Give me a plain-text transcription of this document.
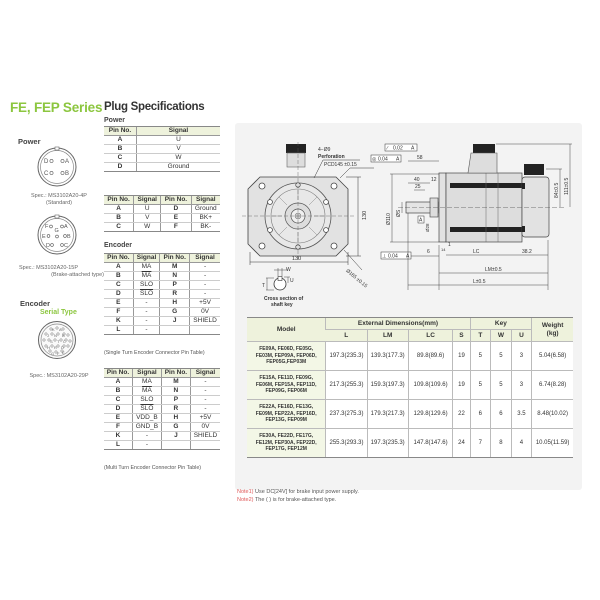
FE, FEP Series Plug Specifications
Power
D	A
C	B
Spec.: MS3102A20-4P
(Standard)
F
G
A
E	B
D	C
Spec.: MS3102A20-15P
(Brake-attached type)
Encoder
Serial Type
K A
J N B
S T C
H R D
G F E
Spec.: MS3102A20-29P
Power
Pin No.	Signal
A	U
B	V
C	W
D	Ground
Pin No.	Signal	Pin No.	Signal
A	U	D	Ground
B	V	E	BK+
C	W	F	BK-
Encoder
Pin No.	Signal	Pin No.	Signal
A	MA	M	-
B	$\overline{MA}$	N	-
C	SLO	P	-
D	$\overline{SLO}$	R	-
E	-	H	+5V
F	-	G	0V
K	-	J	SHIELD
L	-		
(Single Turn Encoder Connector Pin Table)
Pin No.	Signal	Pin No.	Signal
A	MA	M	-
B	$\overline{MA}$	N	-
C	SLO	P	-
D	$\overline{SLO}$	R	-
E	VDD_B	H	+5V
F	GND_B	G	0V
K	-	J	SHIELD
L	-		
(Multi Turn Encoder Connector Pin Table)
130
130
Ø165 ±0.15
4−Ø9
Perforation
PCD145 ±0.15
W
U
T
Cross section of
shaft key
∕ 0.02 A
◎ 0.04 A
⊥ 0.04 A
A
58
40
25
12
1
6	14	LC	38.2
LM±0.5
L±0.5
Ø110 ØS
Ø28
84±0.5 111±0.5
Model	External Dimensions(mm)				Key			Weight
(kg)

	L	LM	LC	S	T	W	U	

FE09A, FE06D, FE05G,
FE03M, FEP09A, FEP06D,
FEP05G,FEP03M	197.3(235.3)	139.3(177.3)	89.8(89.6)	19	5	5	3	5.04(6.58)

FE15A, FE11D, FE09G,
FE06M, FEP15A, FEP11D,
FEP09G, FEP06M	217.3(255.3)	159.3(197.3)	109.8(109.6)	19	5	5	3	6.74(8.28)

FE22A, FE16D, FE13G,
FE09M, FEP22A, FEP16D,
FEP13G, FEP09M	237.3(275.3)	179.3(217.3)	129.8(129.6)	22	6	6	3.5	8.48(10.02)

FE30A, FE22D, FE17G,
FE12M, FEP30A, FEP22D,
FEP17G, FEP12M	255.3(293.3)	197.3(235.3)	147.8(147.6)	24	7	8	4	10.05(11.59)
Note1) Use DC[24V] for brake input power supply.
Note2) The ( ) is for brake-attached type.
